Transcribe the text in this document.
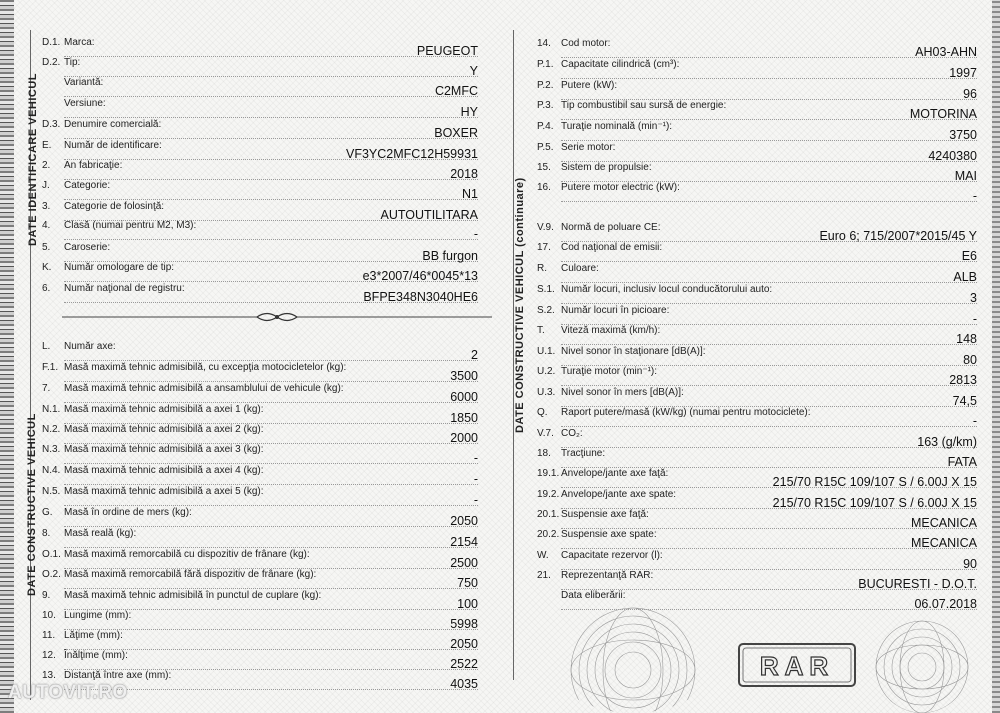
DATE IDENTIFICARE VEHICUL
DATE CONSTRUCTIVE VEHICUL
DATE CONSTRUCTIVE VEHICUL (continuare)
D.1. Marca:
PEUGEOT
D.2. Tip:
Y
Variantă:
C2MFC
Versiune:
HY
D.3. Denumire comercială:
BOXER
E. Număr de identificare:
VF3YC2MFC12H59931
2. An fabricaţie:
2018
J. Categorie:
N1
3. Categorie de folosinţă:
AUTOUTILITARA
4. Clasă (numai pentru M2, M3):
-
5. Caroserie:
BB furgon
K. Număr omologare de tip:
e3*2007/46*0045*13
6. Număr naţional de registru:
BFPE348N3040HE6
L. Număr axe:
2
F.1. Masă maximă tehnic admisibilă, cu excepţia motocicletelor (kg):
3500
7. Masă maximă tehnic admisibilă a ansamblului de vehicule (kg):
6000
N.1. Masă maximă tehnic admisibilă a axei 1 (kg):
1850
N.2. Masă maximă tehnic admisibilă a axei 2 (kg):
2000
N.3. Masă maximă tehnic admisibilă a axei 3 (kg):
-
N.4. Masă maximă tehnic admisibilă a axei 4 (kg):
-
N.5. Masă maximă tehnic admisibilă a axei 5 (kg):
-
G. Masă în ordine de mers (kg):
2050
8. Masă reală (kg):
2154
O.1. Masă maximă remorcabilă cu dispozitiv de frânare (kg):
2500
O.2. Masă maximă remorcabilă fără dispozitiv de frânare (kg):
750
9. Masă maximă tehnic admisibilă în punctul de cuplare (kg):
100
10. Lungime (mm):
5998
11. Lăţime (mm):
2050
12. Înălţime (mm):
2522
13. Distanţă între axe (mm):
4035
14. Cod motor:
AH03-AHN
P.1. Capacitate cilindrică (cm³):
1997
P.2. Putere (kW):
96
P.3. Tip combustibil sau sursă de energie:
MOTORINA
P.4. Turaţie nominală (min⁻¹):
3750
P.5. Serie motor:
4240380
15. Sistem de propulsie:
MAI
16. Putere motor electric (kW):
-
V.9. Normă de poluare CE:
Euro 6; 715/2007*2015/45 Y
17. Cod naţional de emisii:
E6
R. Culoare:
ALB
S.1. Număr locuri, inclusiv locul conducătorului auto:
3
S.2. Număr locuri în picioare:
-
T. Viteză maximă (km/h):
148
U.1. Nivel sonor în staţionare [dB(A)]:
80
U.2. Turaţie motor (min⁻¹):
2813
U.3. Nivel sonor în mers [dB(A)]:
74,5
Q. Raport putere/masă (kW/kg) (numai pentru motociclete):
-
V.7. CO₂:
163 (g/km)
18. Tracţiune:
FATA
19.1. Anvelope/jante axe faţă:
215/70 R15C 109/107 S / 6.00J X 15
19.2. Anvelope/jante axe spate:
215/70 R15C 109/107 S / 6.00J X 15
20.1. Suspensie axe faţă:
MECANICA
20.2. Suspensie axe spate:
MECANICA
W. Capacitate rezervor (l):
90
21. Reprezentanţă RAR:
BUCURESTI - D.O.T.
Data eliberării:
06.07.2018
RAR
AUTOVIT.RO
